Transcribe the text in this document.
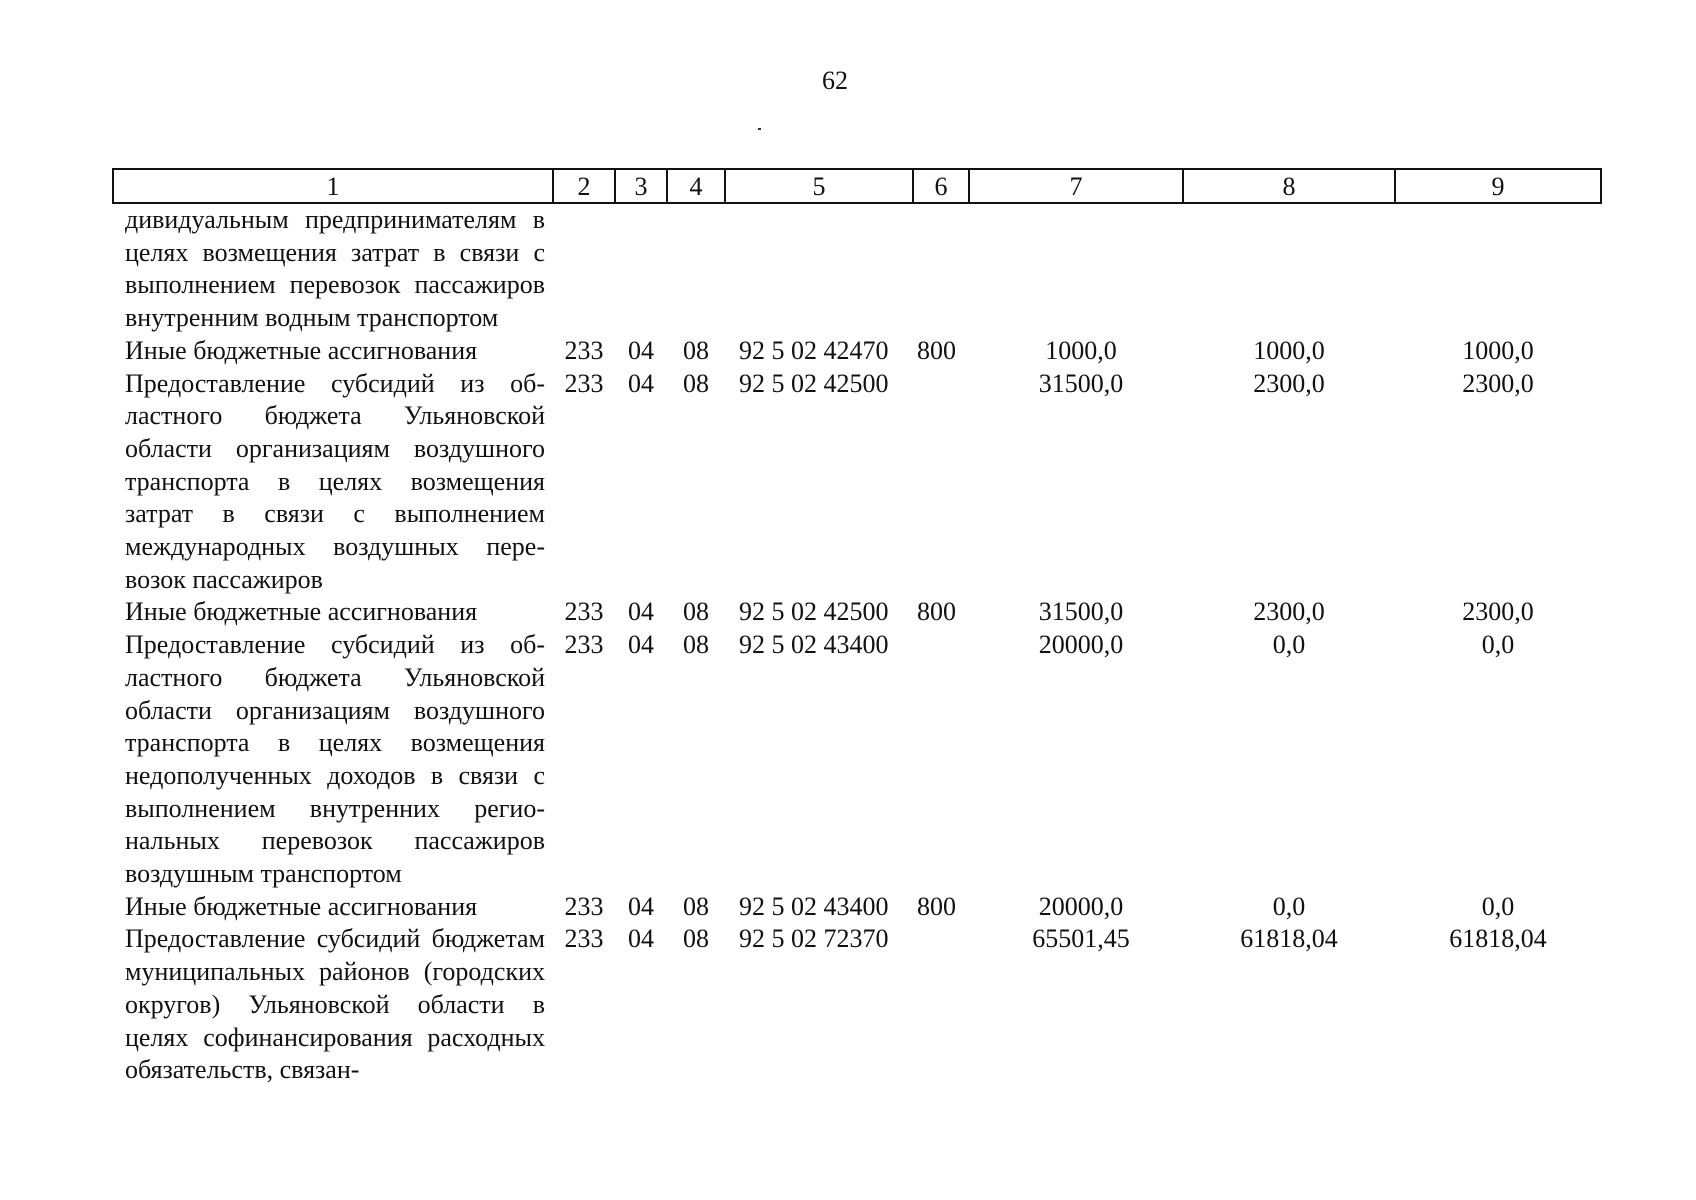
62
1	2	3	4	5	6	7	8	9
дивидуальным предпринимателям в целях возмещения затрат в связи с выполнением перевозок пассажиров внутренним водным транспортом								
Иные бюджетные ассигнования	233	04	08	92 5 02 42470	800	1000,0	1000,0	1000,0
Предоставление субсидий из областного бюджета Ульяновской области организациям воздушного транспорта в целях возмещения затрат в связи с выполнением международных воздушных перевозок пассажиров	233	04	08	92 5 02 42500		31500,0	2300,0	2300,0
Иные бюджетные ассигнования	233	04	08	92 5 02 42500	800	31500,0	2300,0	2300,0
Предоставление субсидий из областного бюджета Ульяновской области организациям воздушного транспорта в целях возмещения недополученных доходов в связи с выполнением внутренних региональных перевозок пассажиров воздушным транспортом	233	04	08	92 5 02 43400		20000,0	0,0	0,0
Иные бюджетные ассигнования	233	04	08	92 5 02 43400	800	20000,0	0,0	0,0
Предоставление субсидий бюджетам муниципальных районов (городских округов) Ульяновской области в целях софинансирования расходных обязательств, связан-	233	04	08	92 5 02 72370		65501,45	61818,04	61818,04
